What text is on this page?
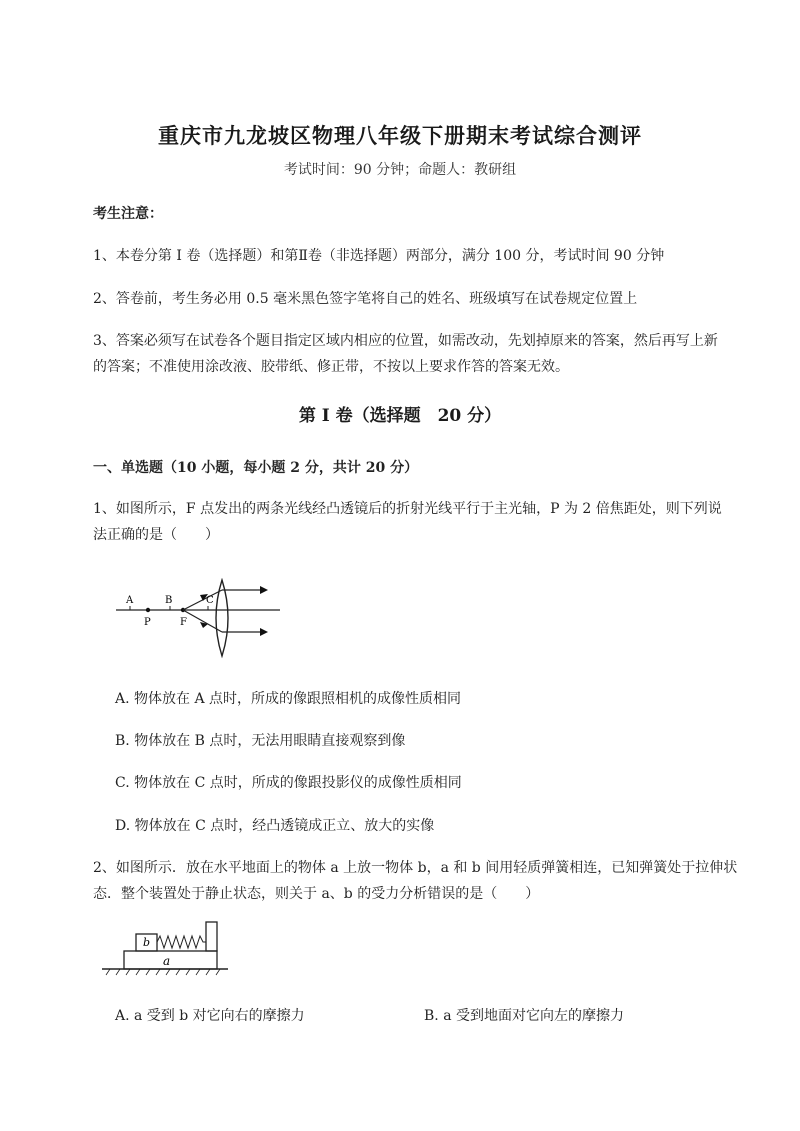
重庆市九龙坡区物理八年级下册期末考试综合测评
考试时间：90 分钟；命题人：教研组
考生注意：
1、本卷分第 I 卷（选择题）和第Ⅱ卷（非选择题）两部分，满分 100 分，考试时间 90 分钟
2、答卷前，考生务必用 0.5 毫米黑色签字笔将自己的姓名、班级填写在试卷规定位置上
3、答案必须写在试卷各个题目指定区域内相应的位置，如需改动，先划掉原来的答案，然后再写上新
的答案；不准使用涂改液、胶带纸、修正带，不按以上要求作答的答案无效。
第 I 卷（选择题　20 分）
一、单选题（10 小题，每小题 2 分，共计 20 分）
1、如图所示，F 点发出的两条光线经凸透镜后的折射光线平行于主光轴，P 为 2 倍焦距处，则下列说
法正确的是（　　）
A	B	C
P	F
A. 物体放在 A 点时，所成的像跟照相机的成像性质相同
B. 物体放在 B 点时，无法用眼睛直接观察到像
C. 物体放在 C 点时，所成的像跟投影仪的成像性质相同
D. 物体放在 C 点时，经凸透镜成正立、放大的实像
2、如图所示．放在水平地面上的物体 a 上放一物体 b，a 和 b 间用轻质弹簧相连，已知弹簧处于拉伸状
态．整个装置处于静止状态，则关于 a、b 的受力分析错误的是（　　）
b
a
A. a 受到 b 对它向右的摩擦力	B. a 受到地面对它向左的摩擦力
